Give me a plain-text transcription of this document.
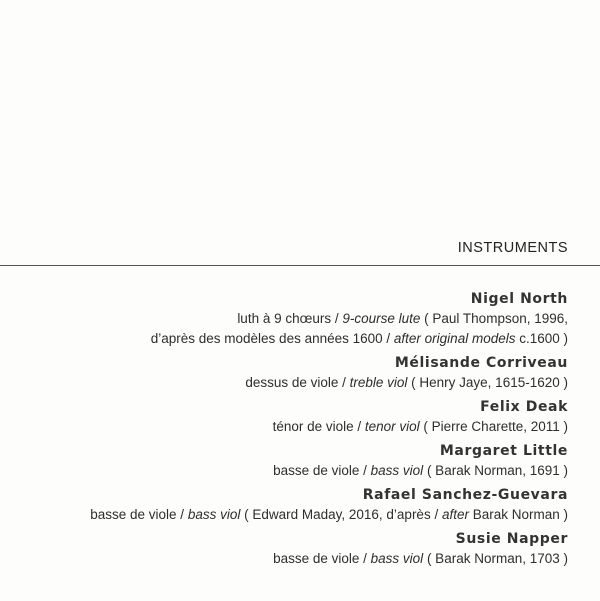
INSTRUMENTS
Nigel North
luth à 9 chœurs / 9-course lute ( Paul Thompson, 1996,
d’après des modèles des années 1600 / after original models c.1600 )
Mélisande Corriveau
dessus de viole / treble viol ( Henry Jaye, 1615-1620 )
Felix Deak
ténor de viole / tenor viol ( Pierre Charette, 2011 )
Margaret Little
basse de viole / bass viol ( Barak Norman, 1691 )
Rafael Sanchez-Guevara
basse de viole / bass viol ( Edward Maday, 2016, d’après / after Barak Norman )
Susie Napper
basse de viole / bass viol ( Barak Norman, 1703 )
